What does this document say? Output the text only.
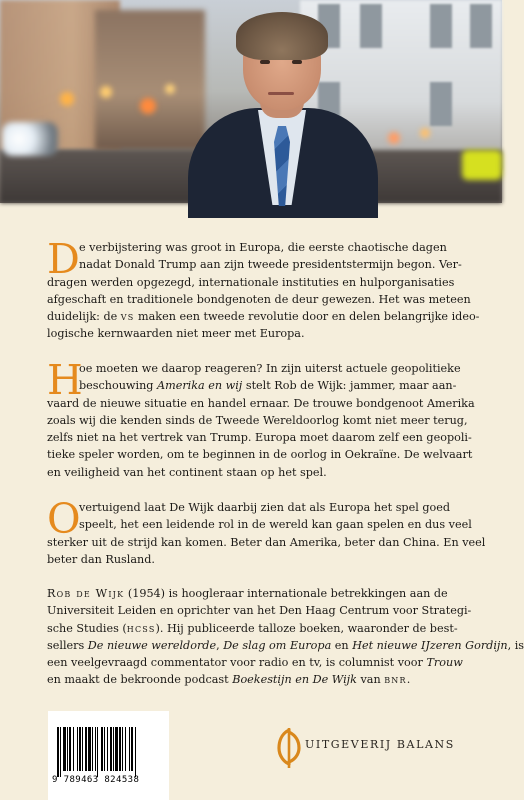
D e verbijstering was groot in Europa, die eerste chaotische dagen
nadat Donald Trump aan zijn tweede presidentstermijn begon. Ver-
dragen werden opgezegd, internationale instituties en hulporganisaties
afgeschaft en traditionele bondgenoten de deur gewezen. Het was meteen
duidelijk: de vs maken een tweede revolutie door en delen belangrijke ideo-
logische kernwaarden niet meer met Europa.
H
oe moeten we daarop reageren? In zijn uiterst actuele geopolitieke
beschouwing Amerika en wij stelt Rob de Wijk: jammer, maar aan-
vaard de nieuwe situatie en handel ernaar. De trouwe bondgenoot Amerika
zoals wij die kenden sinds de Tweede Wereldoorlog komt niet meer terug,
zelfs niet na het vertrek van Trump. Europa moet daarom zelf een geopoli-
tieke speler worden, om te beginnen in de oorlog in Oekraïne. De welvaart
en veiligheid van het continent staan op het spel.
O
vertuigend laat De Wijk daarbij zien dat als Europa het spel goed
speelt, het een leidende rol in de wereld kan gaan spelen en dus veel
sterker uit de strijd kan komen. Beter dan Amerika, beter dan China. En veel
beter dan Rusland.
Rob de Wijk (1954) is hoogleraar internationale betrekkingen aan de
Universiteit Leiden en oprichter van het Den Haag Centrum voor Strategi-
sche Studies (hcss). Hij publiceerde talloze boeken, waaronder de best-
sellers De nieuwe wereldorde, De slag om Europa en Het nieuwe IJzeren Gordijn, is
een veelgevraagd commentator voor radio en tv, is columnist voor Trouw
en maakt de bekroonde podcast Boekestijn en De Wijk van bnr.
9 789463 824538
UITGEVERIJ BALANS
